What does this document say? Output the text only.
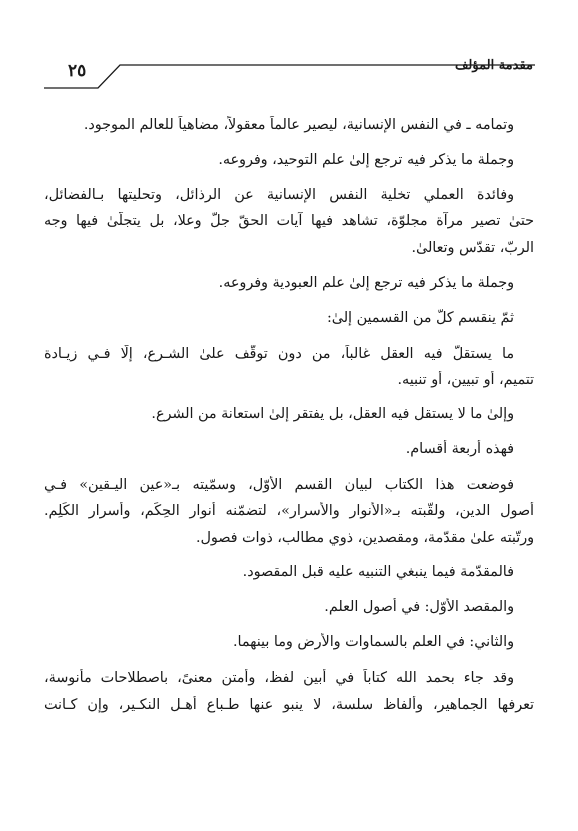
مقدمة المؤلف
٢٥
وتمامه ـ في النفس الإنسانية، ليصير عالماً معقولاً، مضاهياً للعالم الموجود.
وجملة ما يذكر فيه ترجع إلىٰ علم التوحيد، وفروعه.
وفائدة العملي تخلية النفس الإنسانية عن الرذائل، وتحليتها بـالفضائل،
حتىٰ تصير مرآة مجلوّة، تشاهد فيها آيات الحقّ جلّ وعلا، بل يتجلّىٰ فيها وجه
الربّ، تقدّس وتعالىٰ.
وجملة ما يذكر فيه ترجع إلىٰ علم العبودية وفروعه.
ثمّ ينقسم كلٌّ من القسمين إلىٰ:
ما يستقلّ فيه العقل غالباً، من دون توقّف علىٰ الشـرع، إلّا فـي زيـادة
تتميم، أو تبيين، أو تنبيه.
وإلىٰ ما لا يستقل فيه العقل، بل يفتقر إلىٰ استعانة من الشرع.
فهذه أربعة أقسام.
فوضعت هذا الكتاب لبيان القسم الأوّل، وسمّيته بـ«عين اليـقين» فـي
أصول الدين، ولقّبته بـ«الأنوار والأسرار»، لتضمّنه أنوار الحِكَم، وأسرار الكَلِم.
ورتّبته علىٰ مقدّمة، ومقصدين، ذوي مطالب، ذوات فصول.
فالمقدّمة فيما ينبغي التنبيه عليه قبل المقصود.
والمقصد الأوّل: في أصول العلم.
والثاني: في العلم بالسماوات والأرض وما بينهما.
وقد جاء بحمد الله كتاباً في أبين لفظ، وأمتن معنىً، باصطلاحات مأنوسة،
تعرفها الجماهير، وألفاظ سلسة، لا ينبو عنها طـباع أهـل النكـير، وإن كـانت
